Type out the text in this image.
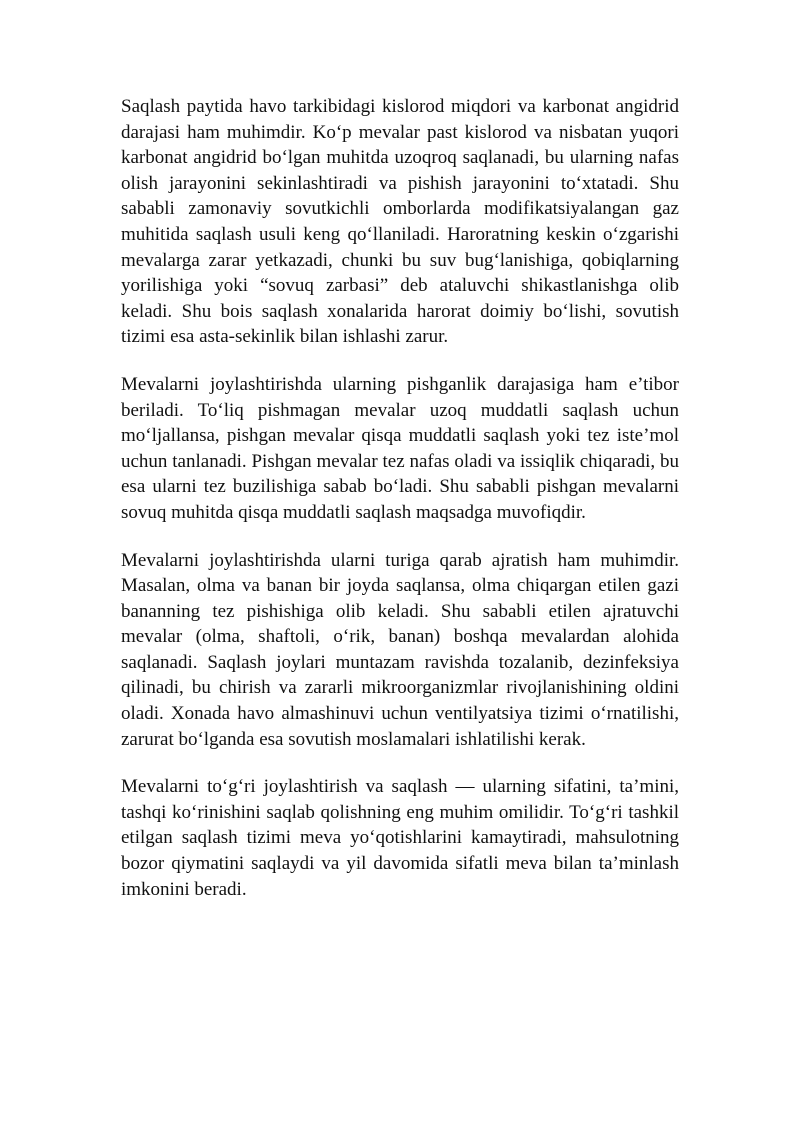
Saqlash paytida havo tarkibidagi kislorod miqdori va karbonat angidrid darajasi ham muhimdir. Ko‘p mevalar past kislorod va nisbatan yuqori karbonat angidrid bo‘lgan muhitda uzoqroq saqlanadi, bu ularning nafas olish jarayonini sekinlashtiradi va pishish jarayonini to‘xtatadi. Shu sababli zamonaviy sovutkichli omborlarda modifikatsiyalangan gaz muhitida saqlash usuli keng qo‘llaniladi. Haroratning keskin o‘zgarishi mevalarga zarar yetkazadi, chunki bu suv bug‘lanishiga, qobiqlarning yorilishiga yoki “sovuq zarbasi” deb ataluvchi shikastlanishga olib keladi. Shu bois saqlash xonalarida harorat doimiy bo‘lishi, sovutish tizimi esa asta-sekinlik bilan ishlashi zarur.

Mevalarni joylashtirishda ularning pishganlik darajasiga ham e’tibor beriladi. To‘liq pishmagan mevalar uzoq muddatli saqlash uchun mo‘ljallansa, pishgan mevalar qisqa muddatli saqlash yoki tez iste’mol uchun tanlanadi. Pishgan mevalar tez nafas oladi va issiqlik chiqaradi, bu esa ularni tez buzilishiga sabab bo‘ladi. Shu sababli pishgan mevalarni sovuq muhitda qisqa muddatli saqlash maqsadga muvofiqdir.

Mevalarni joylashtirishda ularni turiga qarab ajratish ham muhimdir. Masalan, olma va banan bir joyda saqlansa, olma chiqargan etilen gazi bananning tez pishishiga olib keladi. Shu sababli etilen ajratuvchi mevalar (olma, shaftoli, o‘rik, banan) boshqa mevalardan alohida saqlanadi. Saqlash joylari muntazam ravishda tozalanib, dezinfeksiya qilinadi, bu chirish va zararli mikroorganizmlar rivojlanishining oldini oladi. Xonada havo almashinuvi uchun ventilyatsiya tizimi o‘rnatilishi, zarurat bo‘lganda esa sovutish moslamalari ishlatilishi kerak.

Mevalarni to‘g‘ri joylashtirish va saqlash — ularning sifatini, ta’mini, tashqi ko‘rinishini saqlab qolishning eng muhim omilidir. To‘g‘ri tashkil etilgan saqlash tizimi meva yo‘qotishlarini kamaytiradi, mahsulotning bozor qiymatini saqlaydi va yil davomida sifatli meva bilan ta’minlash imkonini beradi.
